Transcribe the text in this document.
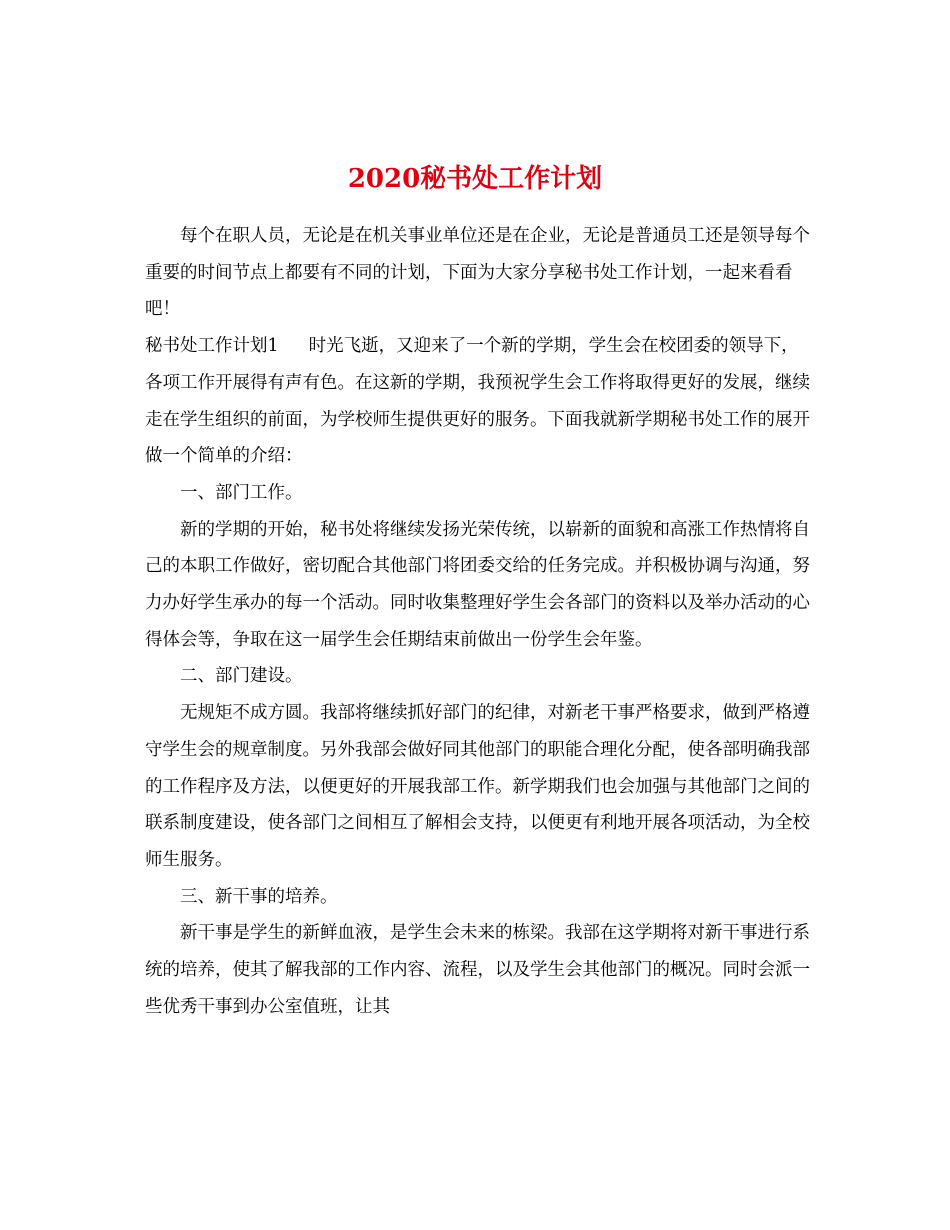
2020秘书处工作计划

每个在职人员，无论是在机关事业单位还是在企业，无论是普通员工还是领导每个重要的时间节点上都要有不同的计划，下面为大家分享秘书处工作计划，一起来看看吧！

秘书处工作计划1 时光飞逝，又迎来了一个新的学期，学生会在校团委的领导下，各项工作开展得有声有色。在这新的学期，我预祝学生会工作将取得更好的发展，继续走在学生组织的前面，为学校师生提供更好的服务。下面我就新学期秘书处工作的展开做一个简单的介绍：

一、部门工作。

新的学期的开始，秘书处将继续发扬光荣传统，以崭新的面貌和高涨工作热情将自己的本职工作做好，密切配合其他部门将团委交给的任务完成。并积极协调与沟通，努力办好学生承办的每一个活动。同时收集整理好学生会各部门的资料以及举办活动的心得体会等，争取在这一届学生会任期结束前做出一份学生会年鉴。

二、部门建设。

无规矩不成方圆。我部将继续抓好部门的纪律，对新老干事严格要求，做到严格遵守学生会的规章制度。另外我部会做好同其他部门的职能合理化分配，使各部明确我部的工作程序及方法，以便更好的开展我部工作。新学期我们也会加强与其他部门之间的联系制度建设，使各部门之间相互了解相会支持，以便更有利地开展各项活动，为全校师生服务。

三、新干事的培养。

新干事是学生的新鲜血液，是学生会未来的栋梁。我部在这学期将对新干事进行系统的培养，使其了解我部的工作内容、流程，以及学生会其他部门的概况。同时会派一些优秀干事到办公室值班，让其
